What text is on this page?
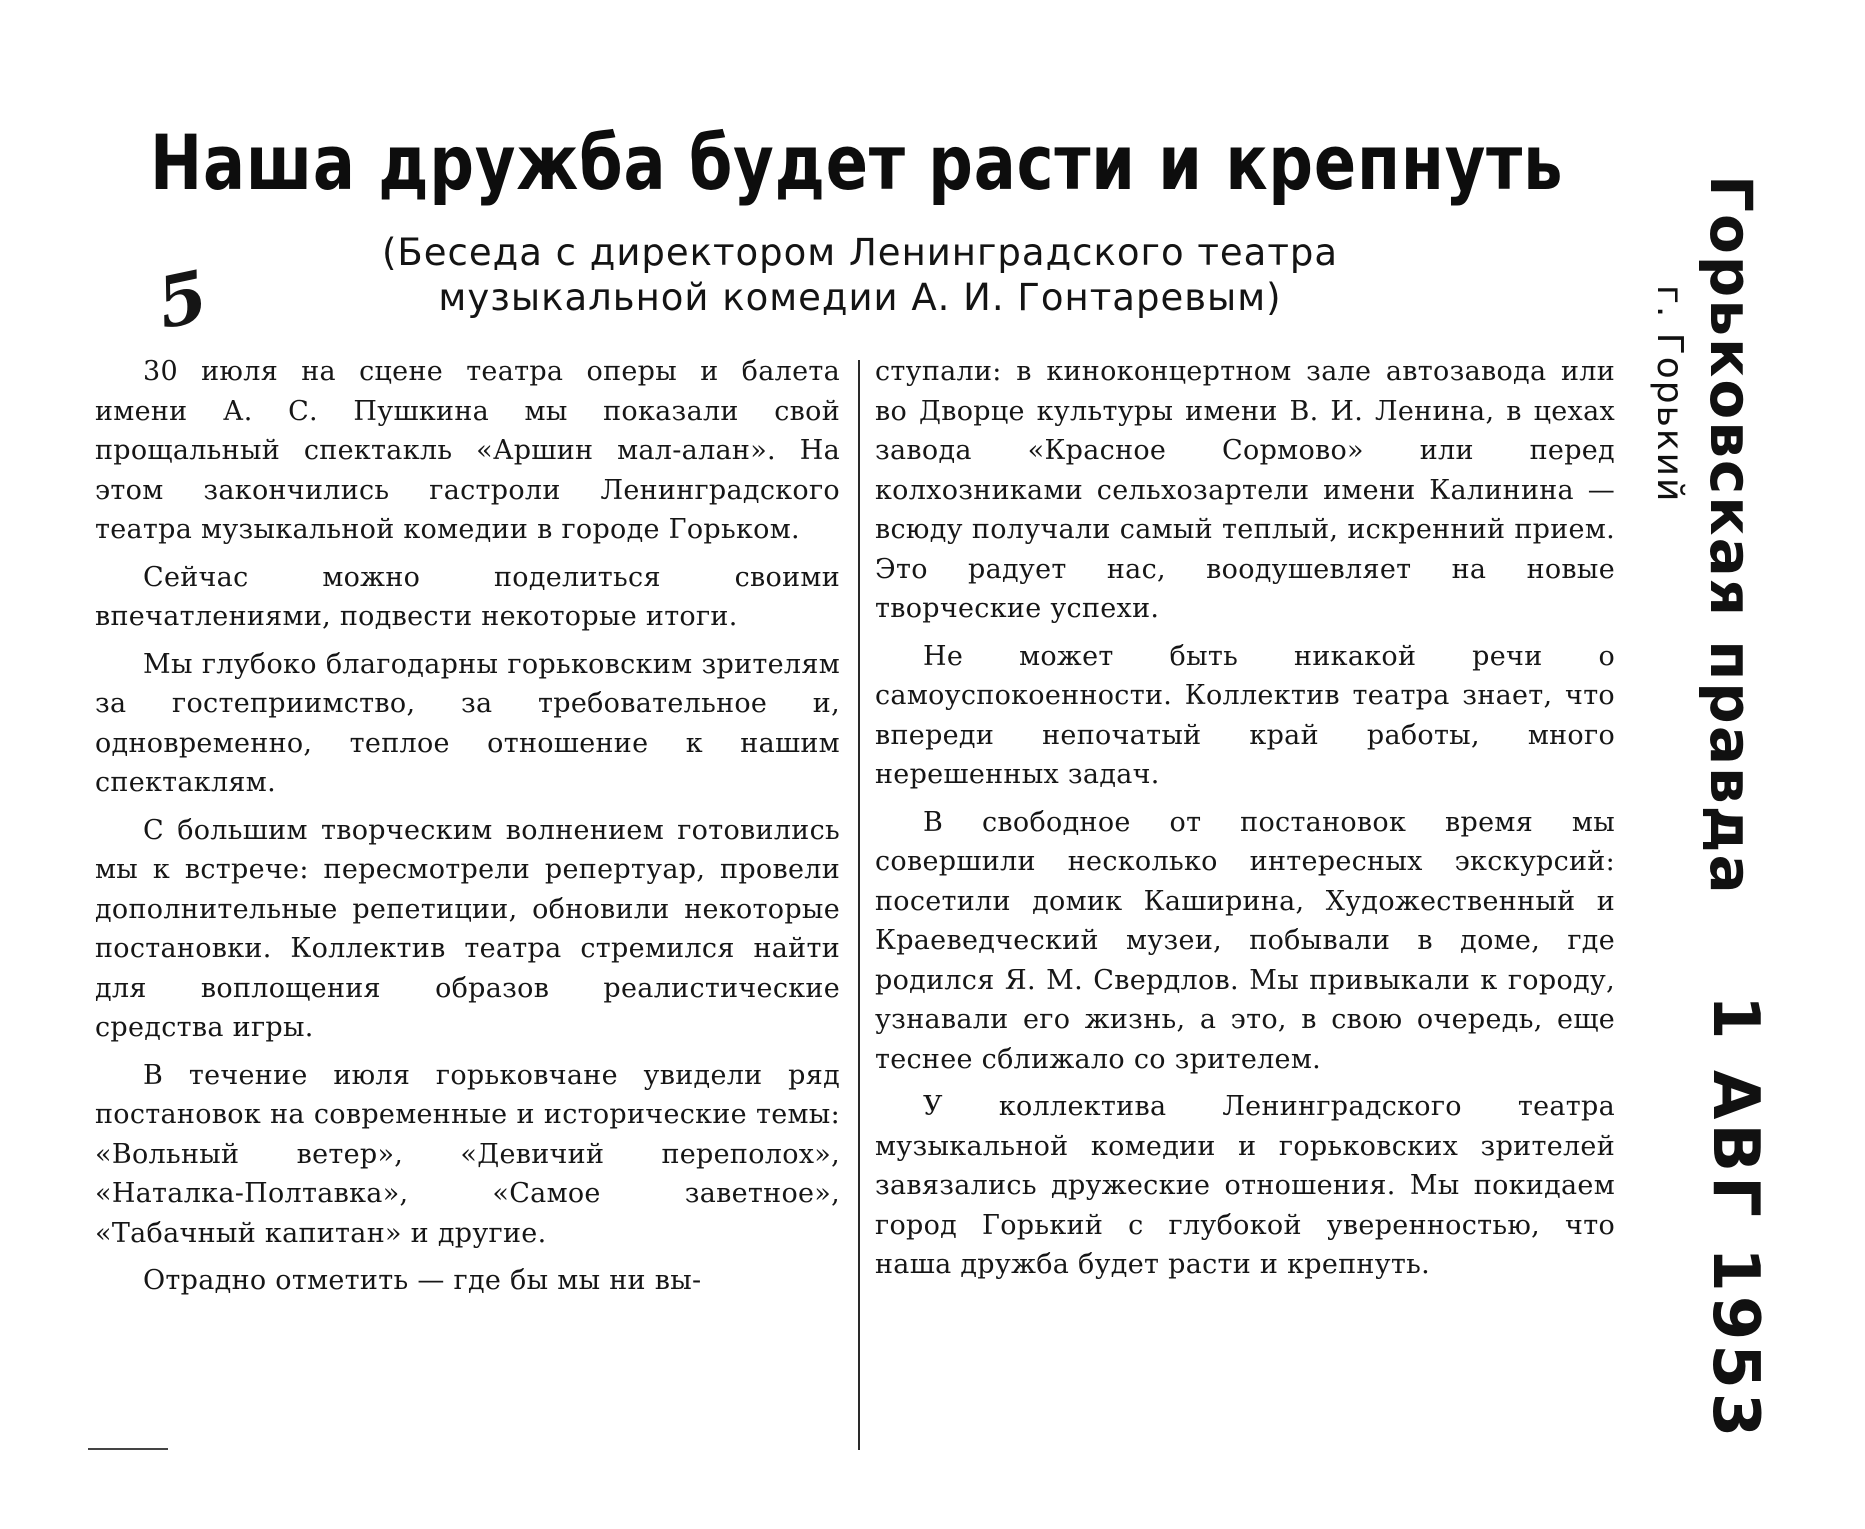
Наша дружба будет расти и крепнуть
5
(Беседа с директором Ленинградского театра
музыкальной комедии А. И. Гонтаревым)

30 июля на сцене театра оперы и балета имени А. С. Пушкина мы показали свой прощальный спектакль «Аршин мал-алан». На этом закончились гастроли Ленинградского театра музыкальной комедии в городе Горьком.

Сейчас можно поделиться своими впечатлениями, подвести некоторые итоги.

Мы глубоко благодарны горьковским зрителям за гостеприимство, за требовательное и, одновременно, теплое отношение к нашим спектаклям.

С большим творческим волнением готовились мы к встрече: пересмотрели репертуар, провели дополнительные репетиции, обновили некоторые постановки. Коллектив театра стремился найти для воплощения образов реалистические средства игры.

В течение июля горьковчане увидели ряд постановок на современные и исторические темы: «Вольный ветер», «Девичий переполох», «Наталка-Полтавка», «Самое заветное», «Табачный капитан» и другие.

Отрадно отметить — где бы мы ни вы-

ступали: в киноконцертном зале автозавода или во Дворце культуры имени В. И. Ленина, в цехах завода «Красное Сормово» или перед колхозниками сельхозартели имени Калинина — всюду получали самый теплый, искренний прием. Это радует нас, воодушевляет на новые творческие успехи.

Не может быть никакой речи о самоуспокоенности. Коллектив театра знает, что впереди непочатый край работы, много нерешенных задач.

В свободное от постановок время мы совершили несколько интересных экскурсий: посетили домик Каширина, Художественный и Краеведческий музеи, побывали в доме, где родился Я. М. Свердлов. Мы привыкали к городу, узнавали его жизнь, а это, в свою очередь, еще теснее сближало со зрителем.

У коллектива Ленинградского театра музыкальной комедии и горьковских зрителей завязались дружеские отношения. Мы покидаем город Горький с глубокой уверенностью, что наша дружба будет расти и крепнуть.

Горьковская правда
г. Горький
1 АВГ 1953
